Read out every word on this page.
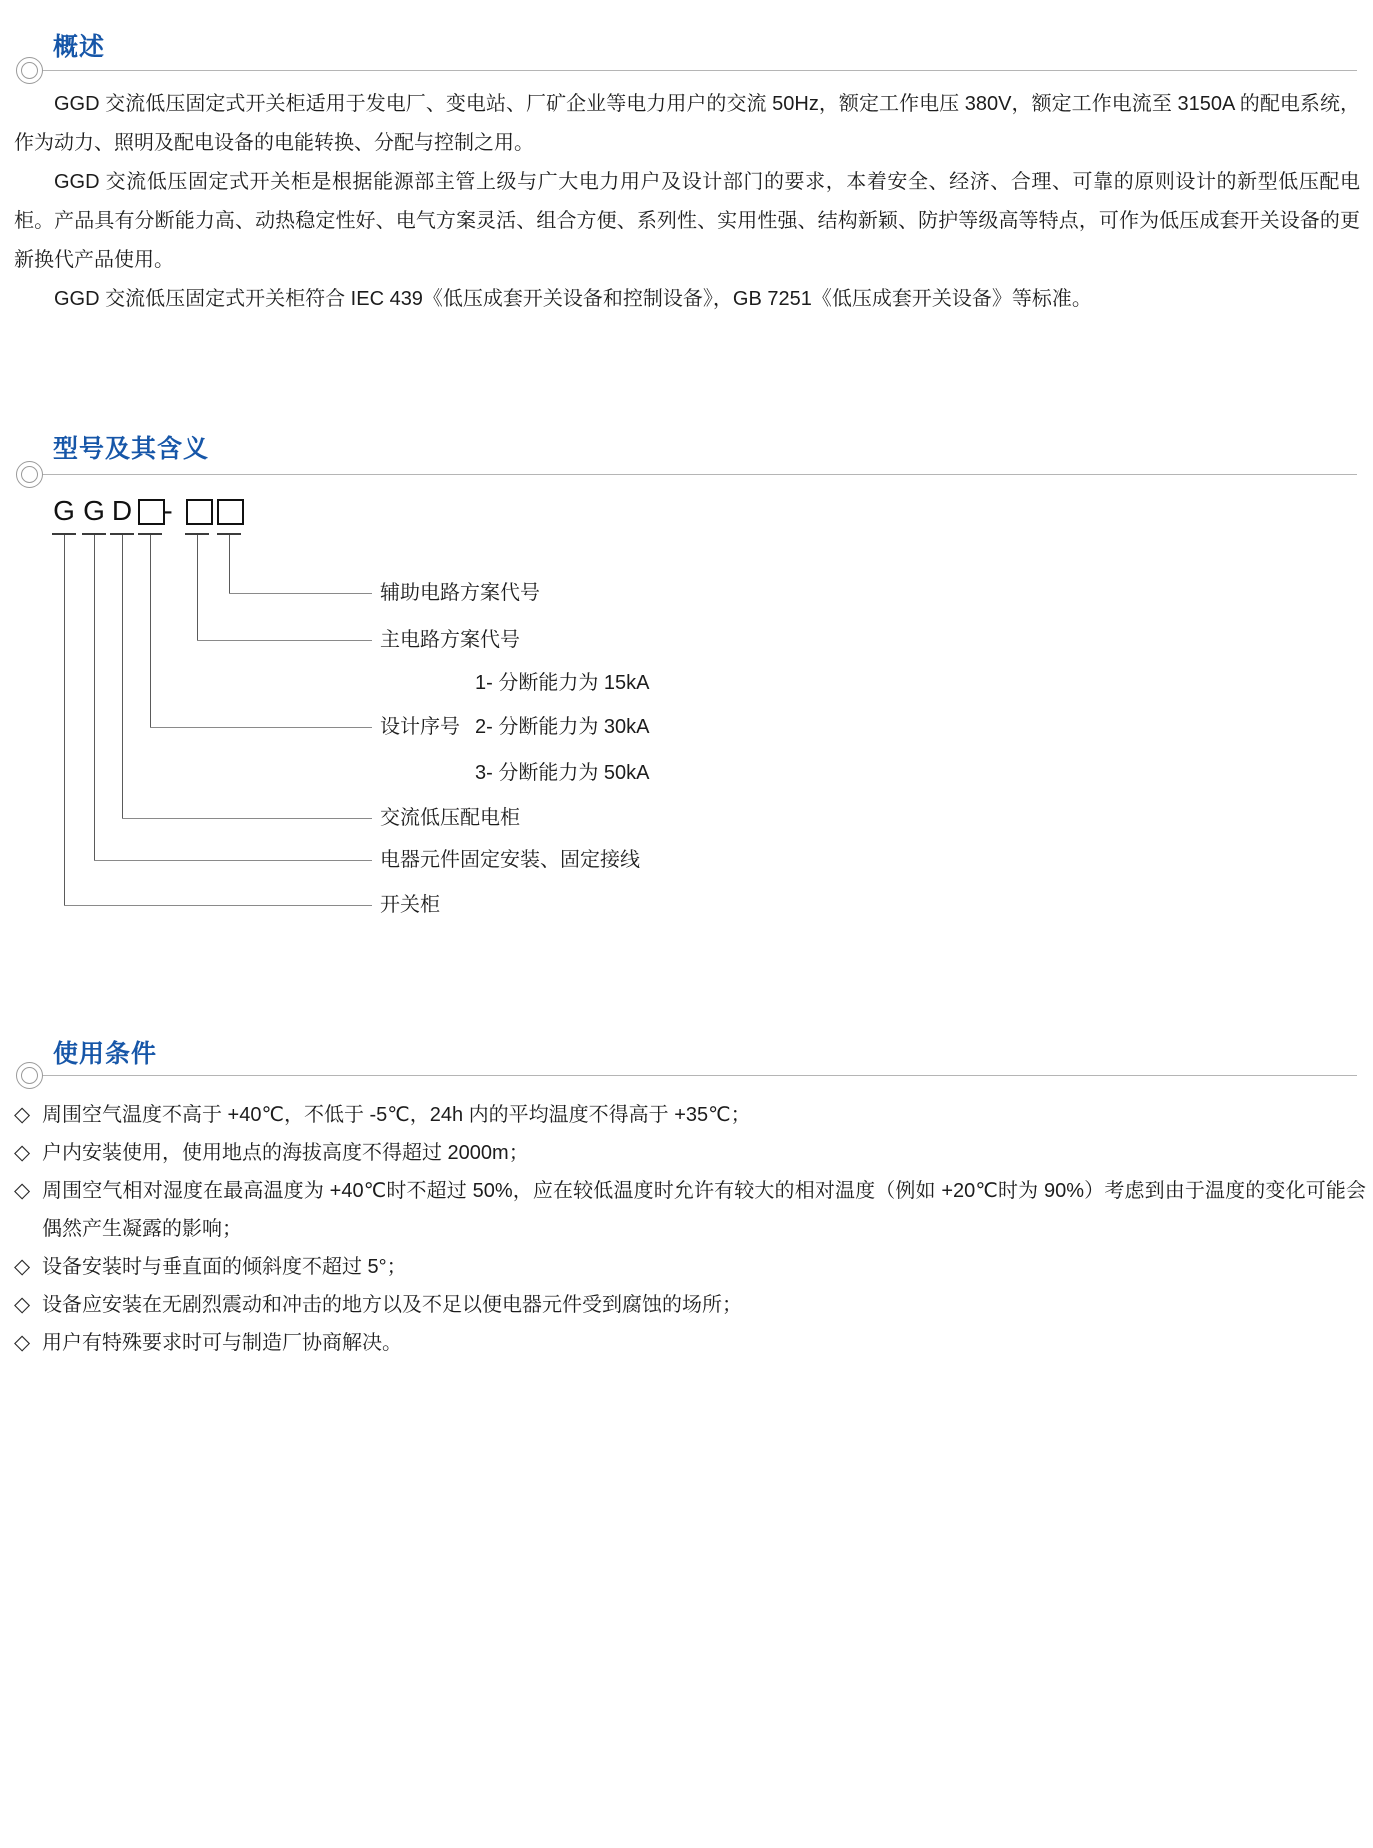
概述

GGD 交流低压固定式开关柜适用于发电厂、变电站、厂矿企业等电力用户的交流 50Hz，额定工作电压 380V，额定工作电流至 3150A 的配电系统，作为动力、照明及配电设备的电能转换、分配与控制之用。

GGD 交流低压固定式开关柜是根据能源部主管上级与广大电力用户及设计部门的要求，本着安全、经济、合理、可靠的原则设计的新型低压配电柜。产品具有分断能力高、动热稳定性好、电气方案灵活、组合方便、系列性、实用性强、结构新颖、防护等级高等特点，可作为低压成套开关设备的更新换代产品使用。

GGD 交流低压固定式开关柜符合 IEC 439《低压成套开关设备和控制设备》，GB 7251《低压成套开关设备》等标准。

型号及其含义
G G D -
辅助电路方案代号
主电路方案代号
设计序号
1- 分断能力为 15kA
2- 分断能力为 30kA
3- 分断能力为 50kA
交流低压配电柜
电器元件固定安装、固定接线
开关柜
使用条件
◇ 周围空气温度不高于 +40℃，不低于 -5℃，24h 内的平均温度不得高于 +35℃；
◇ 户内安装使用，使用地点的海拔高度不得超过 2000m；
◇ 周围空气相对湿度在最高温度为 +40℃时不超过 50%，应在较低温度时允许有较大的相对温度（例如 +20℃时为 90%）考虑到由于温度的变化可能会偶然产生凝露的影响；
◇ 设备安装时与垂直面的倾斜度不超过 5°；
◇ 设备应安装在无剧烈震动和冲击的地方以及不足以便电器元件受到腐蚀的场所；
◇ 用户有特殊要求时可与制造厂协商解决。
